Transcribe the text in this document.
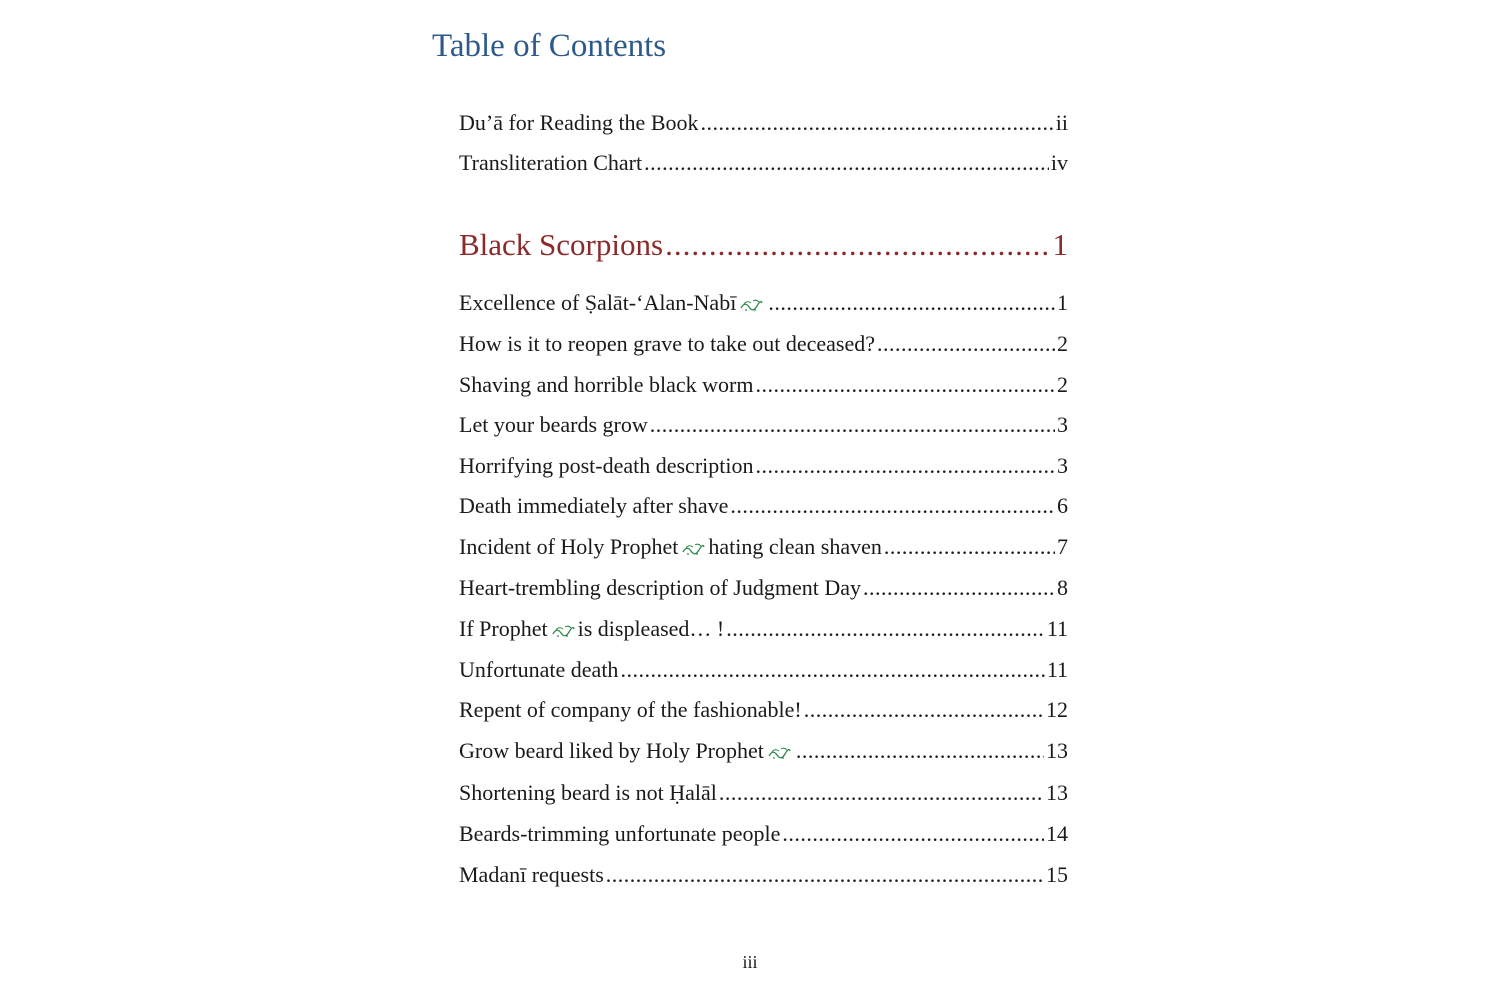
Table of Contents
Du’ā for Reading the Book .....	ii
Transliteration Chart .....	iv
Black Scorpions .....	1
Excellence of Ṣalāt-‘Alan-Nabī .....	1
How is it to reopen grave to take out deceased? .....	2
Shaving and horrible black worm .....	2
Let your beards grow .....	3
Horrifying post-death description .....	3
Death immediately after shave .....	6
Incident of Holy Prophet hating clean shaven .....	7
Heart-trembling description of Judgment Day .....	8
If Prophet is displeased… ! .....	11
Unfortunate death .....	11
Repent of company of the fashionable! .....	12
Grow beard liked by Holy Prophet .....	13
Shortening beard is not Ḥalāl .....	13
Beards-trimming unfortunate people .....	14
Madanī requests .....	15
iii
